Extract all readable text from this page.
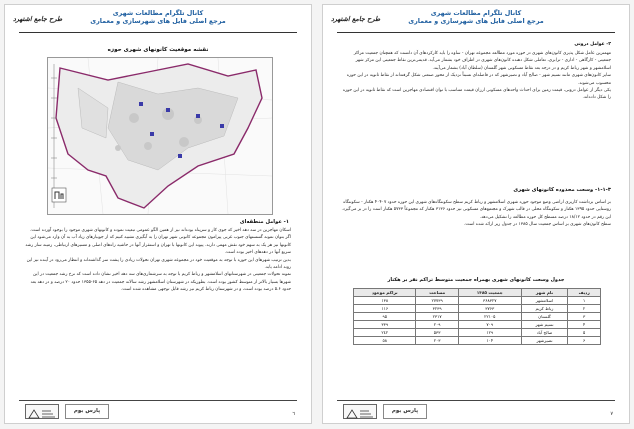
کانال تلگرام مطالعات شهری
مرجع اصلی فایل های شهرسازی و معماری
طرح جامع اشتهرد
نقشه موقعیت کانونهای شهری حوزه
١- عوامل منطقه‌ای

اسکان مهاجرین در سه دهه اخیر که جوی کار و سرپناه بوده‌اند نیز از همین الگو عمومی تبعیت نموده و کانونهای شهری موجود را بوجود آورده است.

اگر بتوان نمونه گسستهای جنوب غربی پیرامون مجموعه کانونی شهر تهران را به آبگیری تشبیه کنیم که از جویبارهای زیاد آب به آن وارد می‌شود این کانونها نیز هر یک به سهم خود نقش مهمی دارند. پیوند این کانونها با تهران و استقرار آنها در حاشیه راه‌های اصلی و مسیرهای ارتباطی، زمینه ساز رشد سریع آنها در دهه‌های اخیر بوده است.

بدین ترتیب شهرهای این حوزه با توجه به موقعیت خود در مجموعه شهری تهران تحولات زیادی را پشت سر گذاشته‌اند و انتظار می‌رود در آینده نیز این روند ادامه یابد.

نمونه تحولات جمعیتی در شهرستانهای اسلامشهر و رباط کریم با توجه به سرشماری‌های سه دهه اخیر نشان داده است که نرخ رشد جمعیت در این شهرها بسیار بالاتر از متوسط کشور بوده است. بطوریکه در شهرستان اسلامشهر رشد سالانه جمعیت در دهه ۶۵-۱۳۵۵ حدود ۲۰ درصد و در دهه بعد حدود ۵.۶ درصد بوده است، و در شهرستان رباط کریم نیز رشد قابل توجهی مشاهده شده است.

پارس بوم	٦
کانال تلگرام مطالعات شهری
مرجع اصلی فایل های شهرسازی و معماری
طرح جامع اشتهرد
٢- عوامل درونی

مهمترین عامل شکل پذیری کانون‌های شهری در حوزه مورد مطالعه مجموعه تهران - ساوه را باید کارکردهای آن دانست که همچنان جمعیت مراکز جمعیتی - کارگاهی - اداری - ترابری، تعاملی شکل دهنده کانون‌های شهری در اطراف خود بشمار می‌آید. قدیمی‌ترین نقاط جمعیتی این مرکز شهر اسلامشهر و شهر رباط کریم و در درجه بعد نقاط مسکونی شهر گلستان (سلطان آباد) بشمار می‌آیند.

سایر کانون‌های شهری مانند نسیم شهر - صالح آباد و نصیرشهر که در فاصله‌ای نسبتاً نزدیک از محور صنعتی شکل گرفته‌اند از نقاط ثانویه در این حوزه محسوب می‌شوند.

یکی دیگر از عوامل درونی، قیمت زمین برای احداث واحدهای مسکونی ارزان قیمت متناسب با توان اقتصادی مهاجرین است که نقاط ثانویه در این حوزه را شکل داده‌اند.

٣-١-١- وسعت محدوده کانونهای شهری

بر اساس برداشت کاربری اراضی وضع موجود حوزه شهری اسلامشهر و رباط کریم سطح سکونتگاه‌های شهری این حوزه حدود ۴٠۴٠٧ هکتار - سکونتگاه روستایی حدود ١٣٩۵ هکتار و سکونتگاه محلی در قالب شهرک و مجتمع‌های مسکونی نیز حدود ٣١٣۶ هکتار که مجموعاً ۵٧٣٣ هکتار است را در بر می‌گیرد. این رقم در حدود ١٨/١٢ درصد مسطح کل حوزه مطالعه را تشکیل می‌دهد.

سطح کانون‌های شهری بر اساس جمعیت سال ١٣٨۵ در جدول زیر ارائه شده است.

جدول وسعت کانونهای شهری بهمراه جمعیت متوسط تراکم نفر بر هکتار
ردیف	نام شهر	جمعیت ١٣٨۵	مساحت	تراکم موجود
١	اسلامشهر	٣۶٨٣٢٧	٢٧٧٣٩	١٣٨
٢	رباط کریم	٣٧۶٣	٣٢٣٩	١١۶
٣	گلستان	٢٢١٠۵	٢٣١٧	٩۵
۴	نسیم شهر	٧٠٩	٢٠٩	٣٣٩
۵	صالح آباد	١٢٩	۵٣٣	٢٤٢
۶	نصیرشهر	١٠۴	٢٠٣	٥٨
پارس بوم	٧
